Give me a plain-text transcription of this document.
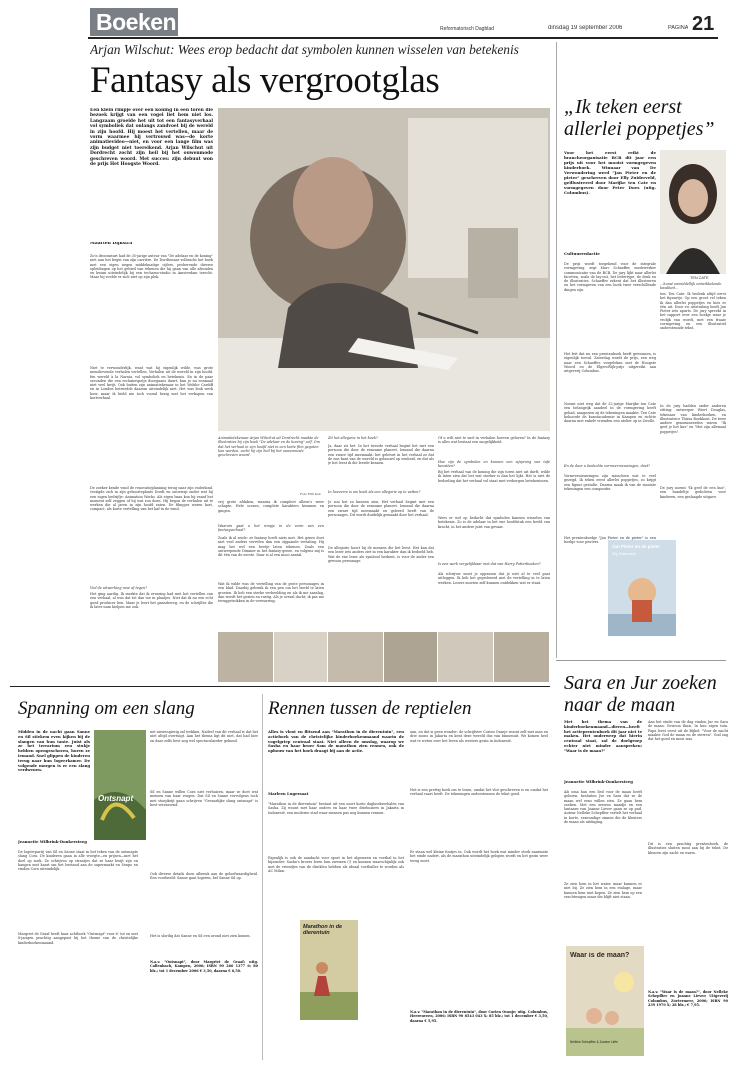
Boeken	Reformatorisch Dagblad	dinsdag 19 september 2006	PAGINA 21
Arjan Wilschut: Wees erop bedacht dat symbolen kunnen wisselen van betekenis
Fantasy als vergrootglas
Een klein rimpje over een koning in een toren die bezoek krijgt van een vogel liet hem niet los. Langzaam groeide het uit tot een fantasyverhaal vol symboliek dat onlangs zandvoet bij de wereld in zijn hoofd. Hij moest het vertellen, maar de vorm waarmee hij vertrouwd was—de korte animatievideo—niet, en voor een lange film was zijn budget niet toereikend. Arjan Wilschut uit Dordrecht zocht zijn heil bij het ouwenmode geschreven woord. Met succes: zijn debuut won de prijs Het Hoogste Woord.
Maarten Dijkstra
Zo'n droomstart had de 35-jarige auteur van "De adelaar en de koning" niet aan het begin van zijn carrière. De Dordtenaar volbracht het boek met een eigen negen middelmatige cijfers, proberende diverse opleidingen op het gebied van tekenen die hij gaan van alle afronden en kwam uiteindelijk bij een techamo-studio in Amsterdam terecht. Maar hij voelde er zich niet op zijn plek.
Niet te verwonderlijk, want wat hij eigenlijk wilde, was grote menslievende verhalen vertellen. Verhalen uit de wereld in zijn hoofd, fen wereld à la Narnia, vol symboliek en betekenis. En in de paar seconden die een reclamespotje doorgaans duurt, kun je nu eenmaal niet veel kwijt. Ook buiten zijn animatiekenaar in het Welshe Cardiff en in Londen betreedde daarom uiteindelijk niet. Het was leuk werk hoor, maar ik hield me toch vooral bezig met het verkopen van kortverhaal.
De zoeker kende vond de renovatieplanning terug naar zijn vaderland, vestigde zich in zijn geboorteplaats Dordt en ontwierp onder wat hij een eigen bedrijfje: Animation Works. Als eigen baas kon hij vanaf het moment zelf zeggen of hij wat zou doen. Hij begon de verhalen uit te werken die al jaren in zijn hoofd zaten. De filmpjes waren kort, compact, als korte vertelling van het kaf in de wind.
Viel de uitwerking rose af tegen?
Het ging aardig. Ik merkte dat ik ervaring had met het vertellen van een verhaal, al was dat tot dan toe in plaatjes. Niet dat ik nu een echt goed producer ben. Maar je leert het gaandeweg, en de schrijfles die ik later nam hielpen me ook.
Animatietekenaar Arjan Wilschut uit Dordrecht maakte de illustraties bij zijn boek "De adelaar en de koning" zelf. Om dat het verhaal in zijn hoofd niet in een korte film gegoten kon worden, zocht hij zijn heil bij het ouwenmode geschreven woord.
Foto Erik Kok
vrij grote afdaken, waarna ik compleet alleen's weer schapte. Hele scenes, complete karakters kwamen en gingen.
Waarom gaat u het rimpje in de vorm van een fantasyverhaal?
Zoals ik al zeide: ze fantasy hoeft niets met. Het genre doet niet veel anders vervelen dan een zijgaande vertaling. Hij mag het wel een beetje laten tekenen. Zoals een ontwerpende Dimmer in het fantasy-genre, en volgens mij is dit één van de eerste. Daar is al een mooi aantal.
Wat ik wilde was de vertelling van de grote personages in een blad. Daarbij gebruik ik een pen om het beeld te laten groeien. Ik heb een sterke verbeelding en als ik me aanslag, dan wordt het gezien en rustig. Als je overal dacht; ik pas me teruggetrokken in de verwarring.
Zit het allegorie in het boek?
Ja, daar zit het. In het tweede verhaal begint het met een persoon die door de eenzame planeet. Iemand die daarna een zware tijd meemaakt: het gebeurt in het verhaal zo dat de ene kant van de wereld is gebouwd op eenheid, en dat als je het leest ik die leerde kennen.
In hoeverre is uw boek als een allegorie op te vatten?
Je zou het zo kunnen zien. Het verhaal begint met een persoon die door de eenzame planeet. Iemand die daarna een zware tijd meemaakt en geleerd heeft van de personages. Dit wordt duidelijk gemaakt door het verhaal.
De allegorie hoort bij de mensen die het leest. Het kan dat een lezer iets anders ziet in een karakter dan ik bedoeld heb. Wat de ene lezer als symbool herkent, is voor de ander een gewoon personage.
Of u wilt niet te snel in verhalen hoeven geloven? In de fantasy is alles wat bestaat een mogelijkheid.
Hoe zijn de symbolen en kunnen een zijsprong van tafe bevatten?
Bij het verhaal van de koning die zijn toren niet uit durft, wilde ik laten zien dat het wat sterker is dan het lijkt. Het is niet de bedoeling dat het verhaal vol staat met verborgen betekenissen.
Wees er wel op bedacht dat symbolen kunnen wisselen van betekenis. Zo is de adelaar in het ene hoofdstuk een beeld van kracht, in het andere juist van gevaar.
Is een werk vergelijkbaar met dat van Harry Potterboeken?
Als schrijver moet je oppassen dat je niet al te veel gaat uitleggen. Ik heb het geprobeerd met de vertelling in te laten werken. Lezers moeten zelf kunnen ontdekken wat er staat.
„Ik teken eerst allerlei poppetjes”
Voor het eerst reikt de brancheorganisatie BCB dit jaar een prijs uit voor het mooist vormgegeven kinderboek. Winnaar van De Verwondering werd "Jan Pieter en de pieter" geschreven door Elly Zuiderveld, geïllustreerd door Marijke ten Cate en vormgegeven door Peter Does (uitg. Columbus).
Cultuurredactie
De prijs wordt toegekend voor de integrale vormgeving, zegt Marc Schaeffer, medewerker communicatie van de BCB. De jury lijkt naar allerlei facetten, zoals de lay-out, het lettertype, de druk en de illustraties. Schaeffer erkent dat het illustreren en het vormgeven van een boek twee verschillende dingen zijn.
Het feit dat nu een prentenboek heeft gewonnen, is eigenlijk toeval. Zaterdag wordt de prijs, een weg naar een Schaeffer, vergeleken met de Hoogste Woord en de ElgersWijk-prijs uitgereikt aan uitgeverij Columbus.
Noemt niet weg dat de 32-jarige Marijke ten Cate een belangrijk aandeel in de vormgeving heeft gehad, aangezien zij de tekeningen maakte. Ten Cate behoorde de kunstacademie in Kampen en richtte daarna met enkele vrienden een atelier op in Zwolle.
En de door u bedachte vormvernieuwingen, doet?
Vormvernieuwingen zijn misschien wat te veel gezegd. Ik teken eerst allerlei poppetjes, zo krijgt een figuur gestalte. Daarna maak ik van de mooiste tekeningen een compositie.
Het prentenboekje "Jan Pieter en de pieter" is een boekje voor peuters.
TEN CATE
…kunst onmiddellijk ontwikkelende kwaliteit…
ten. Ten Cate: Ik bedenk altijd eerst het figuurtje. Op een groot vel teken ik dan allerlei poppetjes en kies er één uit. Door z'n uitstraling heeft Jan Pieter iets aparts. De jury spreekt in het rapport over een boekje waar je vrolijk van wordt, met een fraaie vormgeving en een illustratief ondersteunde tekst.
In de jury hadden onder anderen zitting: ontwerper Wiert Douglas, tekenaar van kinderboeken, en illustratrice Thirza Boekhout. De twee andere genomineerden waren "Ik geef je het kus" en "Het zijn allemaal poppetjes".
De jury noemt "Ik geef de een kus", een bundeltje gedichten voor kinderen, een geslaagde uitgave.
Jan Pieter en de pieter
Elly Zuiderveld
Sara en Jur zoeken naar de maan
Met het thema van de kinderboekenmaand—dieren—heeft het actieprentenboek dit jaar niet te maken. Het onderwerp dat hierin centraal staat, zal de doelgroep echter niet minder aanspreken: "Waar is de maan?"
Jeannette Wilbrink-Donkersteeg
Als oma hun een lied voor de maan heeft gelezen, besluiten Jur en Sara dat ze de maan wel eens willen zien. Ze gaan hem zoeken. Met een zeeuws mandje en een lantaarn van Joanne Liever gaan ze op pad. Auteur Nelleke Schepflier vertelt het verhaal in korte, eenvoudige zinnen die de kleuters de maan als uitdaging.
Ze zien hem in het water, maar kunnen er niet bij. Ze zien hem in een etalage, maar kunnen hem niet kopen. Ze zien hem op een vrachtwagen maar die blijft niet staan.
Aan het einde van de dag vinden Jur en Sara de maan. Gewoon thuis. In hun eigen tuin. Papa leest eerst uit de Bijbel: "Voor de nacht maakte God de maan en de sterren". God zag dat het goed en mooi was.
Dit is een prachtig prentenboek, de illustraties sluiten mooi aan bij de tekst. De kleuren zijn zacht en warm.
N.a.v. "Waar is de maan?", door Nelleke Schepflier en Joanne Liever; Uitgeverij Columbus, Zoetermeer, 2006; ISBN 90 239 1970 X; 28 blz.; € 7,95.
Waar is de maan?
Nelleke Schepflier & Joanne Liefe
Spanning om een slang
Midden in de nacht gaan Sanne en Sil stiekem even kijken bij de slangen van hun tante. Juist als ze het terrarium een stukje hebben opengeschoven, horen ze iemand. Snel glippen de kinderen terug naar hun logeerkamer. De volgende morgen is er een slang verdwenen.
Jeannette Wilbrink-Donkersteeg
De logeerpartij van Sil en Sanne staat in het teken van de ontsnapte slang Cora. De kinderen gaan in alle vroegte—en prijsen—met het doel op zoek. Ze schrijven op straatjes dat ze haar kwijt zijn en hangen met kaart om het bestand aan de supermarkt en Senpo en vinden Cora uiteindelijk.
Margriet de Graaf heeft haar achtboek "Ontsnapt" voor 6- tot en met 8-jarigen prachtig aangepast bij het theme van de christelijke kinderboekenmaand.
Ontsnapt
net nieuwsgierig zal trekken. Nadeel van dit verhaal is dat het niet altijd overtuigt. Aan het thema ligt dit niet, dat had hier en daar zelfs best nog wel spectaculairder gekund.
Sil en Sanne willen Cora niet verhuizen, maar ze doet wat mensen van haar vragen. Dat Sil en Sanne vervolgens toch met stoepkrijt gaan schrijven "Gevaarlijke slang ontsnapt" is best verrassend.
Ook diverse details doen afbreuk aan de geloofwaardigheid. Een voorbeeld: Sanne gaat logeren, bel Sanne Sil op.
Het is slordig dat Sanne en Sil een avond niet zien komen.
N.a.v. "Ontsnapt", door Margriet de Graaf; uitg. Callenbach, Kampen, 2006; ISBN 90 266 1377 6; 80 blz.; tot 1 december 2006 € 3,50, daarna € 6,50.
Rennen tussen de reptielen
Alles is vloot en flitsend aan "Marathon in de dierentuin", een actieboek van de christelijke kinderboekenmaand waarin de vogelgriep centraal staat. Niet alleen de omslag, waarop we Sasha en haar broer Sam de marathon zien rennen, ook de opbouw van het boek draagt bij aan de actie.
Marleen Lugersaat
"Marathon in de dierentuin" bestaat uit een soort korte dagboekverhalen van Sasha. Zij woont met haar ouders en haar twee driehuizers in Jakarta in Indonesië, een moderne stad waar mensen pas nog kunnen rennen.
Eigenlijk is ook de aandacht voor sport in het algemeen en voetbal in het bijzonder: Sasha's broers leren hun zwemen (!) en kunnen waarschijnlijk ook met de vriendjes van de driekleu hebben als ideaal voetballer te worden als AC Milan.
Marathon in de dierentuin
aan, en dat is geen wonder: de schrijfster Corien Oranje woont zelf met man en drie zoons in Jakarta en kent deze wereld dus van binnenuit. We komen heel wat te weten over het leven als westers gezin in Indonesië.
Het is een prettig boek om te lezen, omdat het vlot geschreven is en omdat het verhaal vaart heeft. De tekeningen ondersteunen de tekst goed.
Er staan wel kleine foutjes in. Ook wordt het boek wat minder sterk naarmate het einde nadert, als de marathon uiteindelijk gelopen wordt en het gezin weer terug moet.
N.a.v. "Marathon in de dierentuin", door Corien Oranje; uitg. Columbus, Heerenveen, 2006; ISBN 90 8543 043 X; 85 blz.; tot 1 december € 3,50, daarna € 5,95.
